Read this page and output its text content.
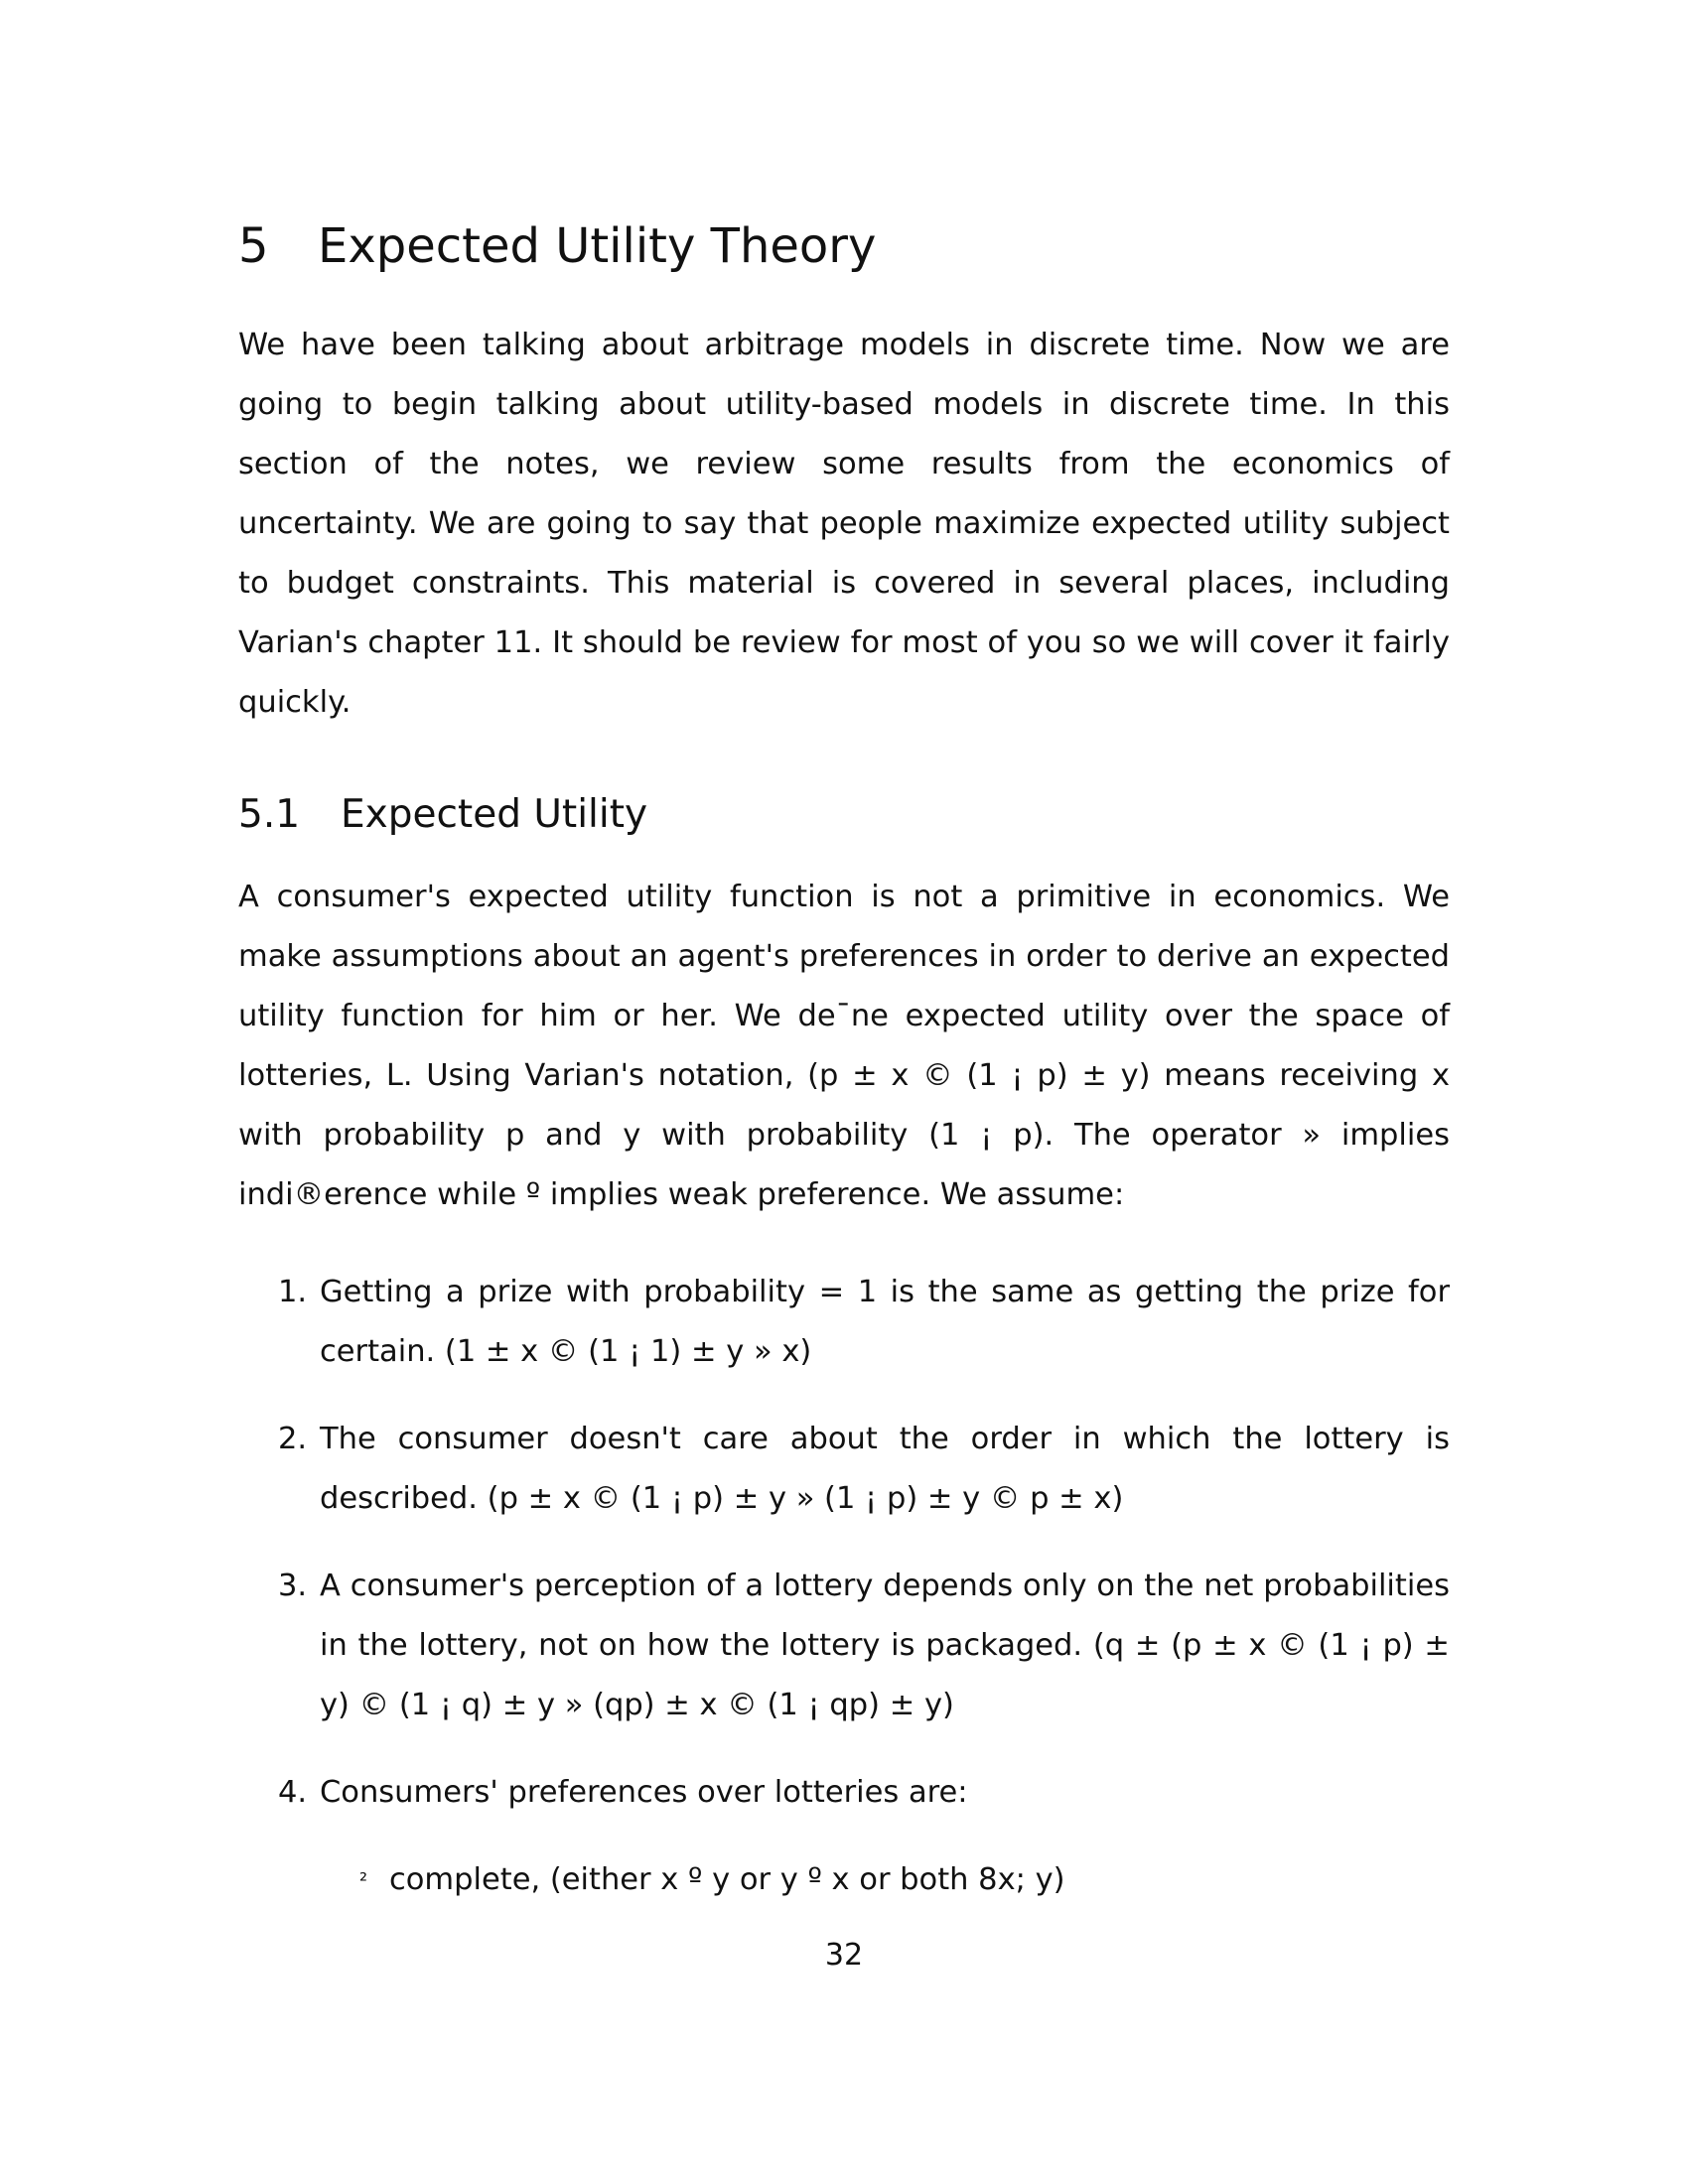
5 Expected Utility Theory

We have been talking about arbitrage models in discrete time. Now we are going to begin talking about utility-based models in discrete time. In this section of the notes, we review some results from the economics of uncertainty. We are going to say that people maximize expected utility subject to budget constraints. This material is covered in several places, including Varian's chapter 11. It should be review for most of you so we will cover it fairly quickly.

5.1 Expected Utility

A consumer's expected utility function is not a primitive in economics. We make assumptions about an agent's preferences in order to derive an expected utility function for him or her. We de¯ne expected utility over the space of lotteries, L. Using Varian's notation, (p ± x © (1 ¡ p) ± y) means receiving x with probability p and y with probability (1 ¡ p). The operator » implies indi®erence while º implies weak preference. We assume:

1. Getting a prize with probability = 1 is the same as getting the prize for certain. (1 ± x © (1 ¡ 1) ± y » x)
2. The consumer doesn't care about the order in which the lottery is described. (p ± x © (1 ¡ p) ± y » (1 ¡ p) ± y © p ± x)
3. A consumer's perception of a lottery depends only on the net probabilities in the lottery, not on how the lottery is packaged. (q ± (p ± x © (1 ¡ p) ± y) © (1 ¡ q) ± y » (qp) ± x © (1 ¡ qp) ± y)
4. Consumers' preferences over lotteries are:
² complete, (either x º y or y º x or both 8x; y)
32
